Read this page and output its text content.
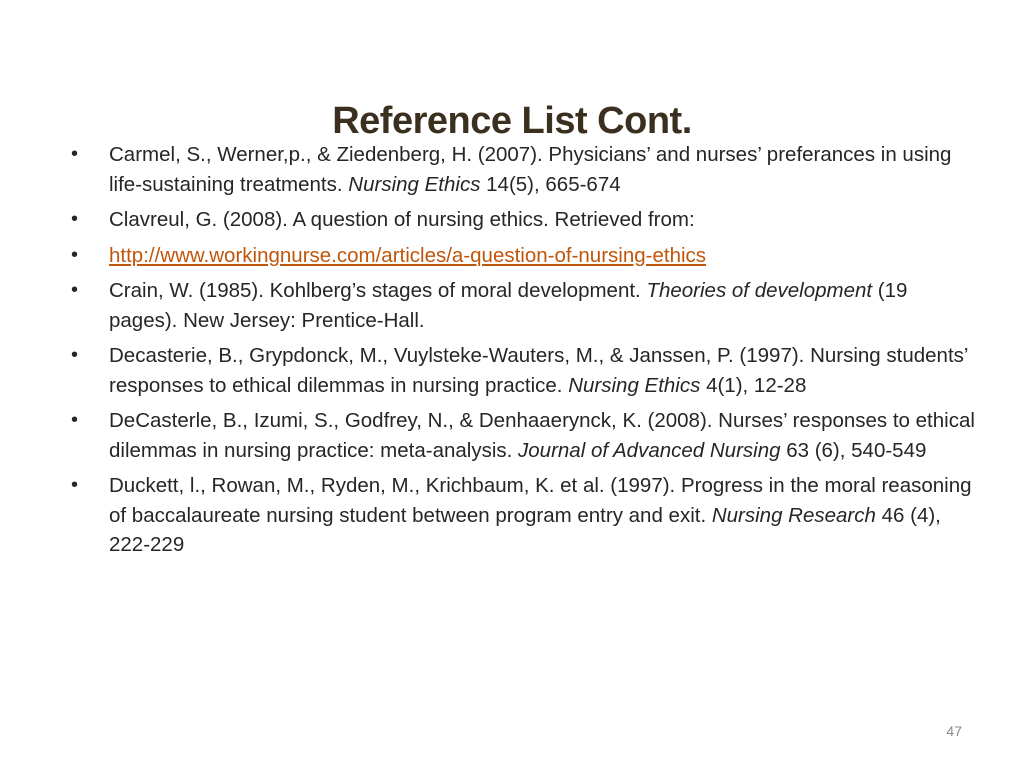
Reference List Cont.
•	Carmel, S., Werner,p., & Ziedenberg, H. (2007). Physicians’ and nurses’ preferances in using life-sustaining treatments. Nursing Ethics 14(5), 665-674
•	Clavreul, G. (2008). A question of nursing ethics. Retrieved from:
•	http://www.workingnurse.com/articles/a-question-of-nursing-ethics
•	Crain, W. (1985). Kohlberg’s stages of moral development. Theories of development (19 pages). New Jersey: Prentice-Hall.
•	Decasterie, B., Grypdonck, M., Vuylsteke-Wauters, M., & Janssen, P. (1997). Nursing students’ responses to ethical dilemmas in nursing practice. Nursing Ethics 4(1), 12-28
•	DeCasterle, B., Izumi, S., Godfrey, N., & Denhaaerynck, K. (2008). Nurses’ responses to ethical dilemmas in nursing practice: meta-analysis. Journal of Advanced Nursing 63 (6), 540-549
•	Duckett, l., Rowan, M., Ryden, M., Krichbaum, K. et al. (1997). Progress in the moral reasoning of baccalaureate nursing student between program entry and exit. Nursing Research 46 (4), 222-229
47
